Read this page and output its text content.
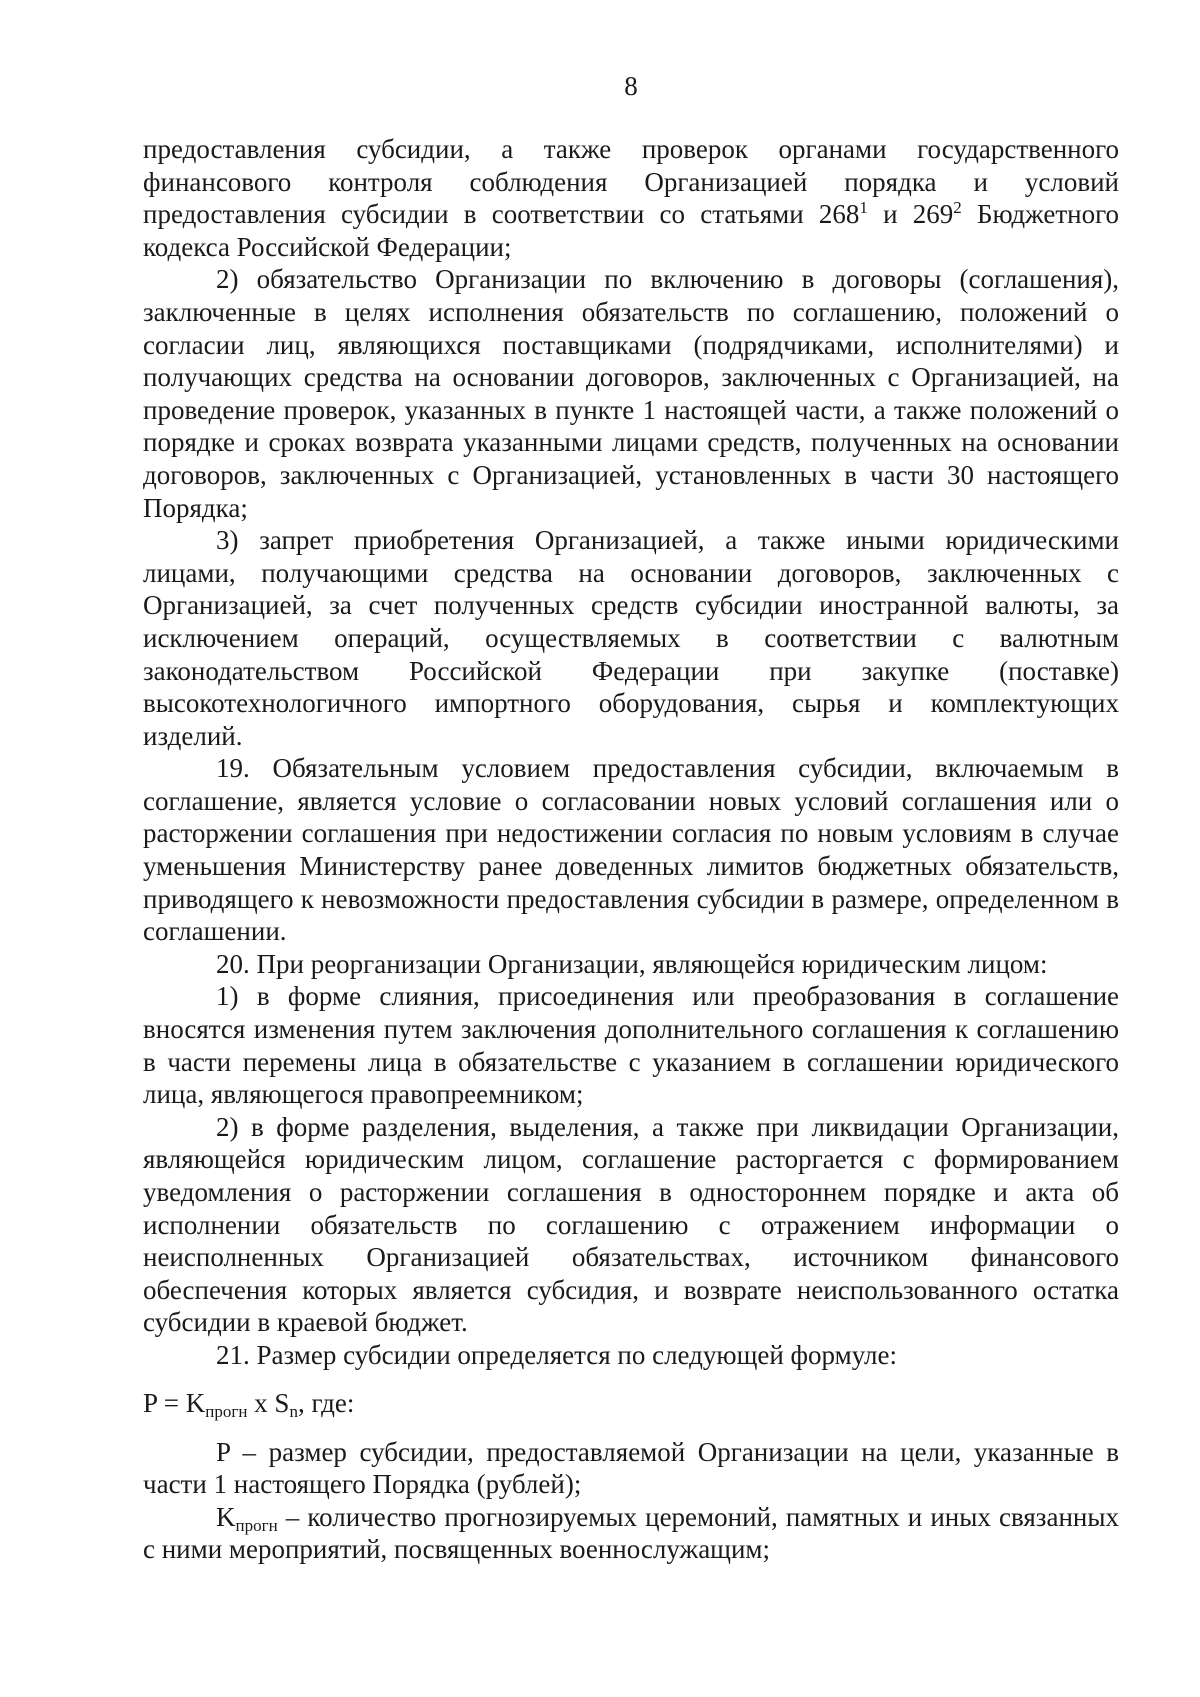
8

предоставления субсидии, а также проверок органами государственного финансового контроля соблюдения Организацией порядка и условий предоставления субсидии в соответствии со статьями $268^1$ и $269^2$ Бюджетного кодекса Российской Федерации;

2) обязательство Организации по включению в договоры (соглашения), заключенные в целях исполнения обязательств по соглашению, положений о согласии лиц, являющихся поставщиками (подрядчиками, исполнителями) и получающих средства на основании договоров, заключенных с Организацией, на проведение проверок, указанных в пункте 1 настоящей части, а также положений о порядке и сроках возврата указанными лицами средств, полученных на основании договоров, заключенных с Организацией, установленных в части 30 настоящего Порядка;

3) запрет приобретения Организацией, а также иными юридическими лицами, получающими средства на основании договоров, заключенных с Организацией, за счет полученных средств субсидии иностранной валюты, за исключением операций, осуществляемых в соответствии с валютным законодательством Российской Федерации при закупке (поставке) высокотехнологичного импортного оборудования, сырья и комплектующих изделий.

19. Обязательным условием предоставления субсидии, включаемым в соглашение, является условие о согласовании новых условий соглашения или о расторжении соглашения при недостижении согласия по новым условиям в случае уменьшения Министерству ранее доведенных лимитов бюджетных обязательств, приводящего к невозможности предоставления субсидии в размере, определенном в соглашении.

20. При реорганизации Организации, являющейся юридическим лицом:

1) в форме слияния, присоединения или преобразования в соглашение вносятся изменения путем заключения дополнительного соглашения к соглашению в части перемены лица в обязательстве с указанием в соглашении юридического лица, являющегося правопреемником;

2) в форме разделения, выделения, а также при ликвидации Организации, являющейся юридическим лицом, соглашение расторгается с формированием уведомления о расторжении соглашения в одностороннем порядке и акта об исполнении обязательств по соглашению с отражением информации о неисполненных Организацией обязательствах, источником финансового обеспечения которых является субсидия, и возврате неиспользованного остатка субсидии в краевой бюджет.

21. Размер субсидии определяется по следующей формуле:

$P = K_{прогн}$ x $S_n$, где:

P – размер субсидии, предоставляемой Организации на цели, указанные в части 1 настоящего Порядка (рублей);

$K_{прогн}$ – количество прогнозируемых церемоний, памятных и иных связанных с ними мероприятий, посвященных военнослужащим;
